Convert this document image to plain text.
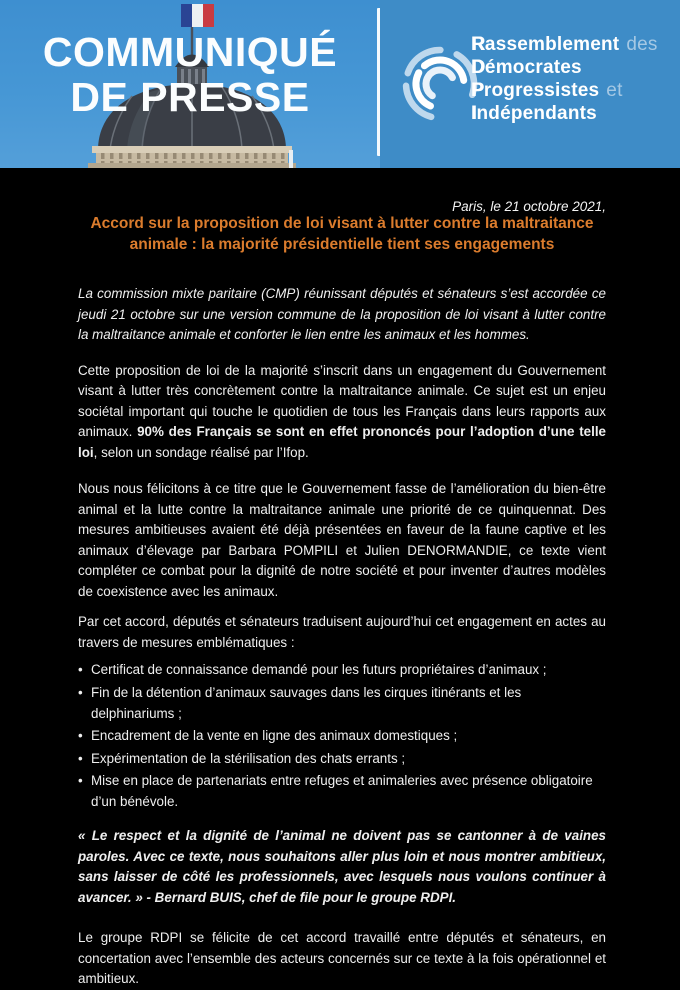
COMMUNIQUÉ
DE PRESSE
Rassemblement des
Démocrates
Progressistes et
Indépendants

Paris, le 21 octobre 2021,

Accord sur la proposition de loi visant à lutter contre la maltraitance animale : la majorité présidentielle tient ses engagements

La commission mixte paritaire (CMP) réunissant députés et sénateurs s’est accordée ce jeudi 21 octobre sur une version commune de la proposition de loi visant à lutter contre la maltraitance animale et conforter le lien entre les animaux et les hommes.

Cette proposition de loi de la majorité s’inscrit dans un engagement du Gouvernement visant à lutter très concrètement contre la maltraitance animale. Ce sujet est un enjeu sociétal important qui touche le quotidien de tous les Français dans leurs rapports aux animaux. 90% des Français se sont en effet prononcés pour l’adoption d’une telle loi, selon un sondage réalisé par l’Ifop.

Nous nous félicitons à ce titre que le Gouvernement fasse de l’amélioration du bien-être animal et la lutte contre la maltraitance animale une priorité de ce quinquennat. Des mesures ambitieuses avaient été déjà présentées en faveur de la faune captive et les animaux d’élevage par Barbara POMPILI et Julien DENORMANDIE, ce texte vient compléter ce combat pour la dignité de notre société et pour inventer d’autres modèles de coexistence avec les animaux.

Par cet accord, députés et sénateurs traduisent aujourd’hui cet engagement en actes au travers de mesures emblématiques :

• Certificat de connaissance demandé pour les futurs propriétaires d’animaux ;
• Fin de la détention d’animaux sauvages dans les cirques itinérants et les delphinariums ;
• Encadrement de la vente en ligne des animaux domestiques ;
• Expérimentation de la stérilisation des chats errants ;
• Mise en place de partenariats entre refuges et animaleries avec présence obligatoire d’un bénévole.

« Le respect et la dignité de l’animal ne doivent pas se cantonner à de vaines paroles. Avec ce texte, nous souhaitons aller plus loin et nous montrer ambitieux, sans laisser de côté les professionnels, avec lesquels nous voulons continuer à avancer. » - Bernard BUIS, chef de file pour le groupe RDPI.

Le groupe RDPI se félicite de cet accord travaillé entre députés et sénateurs, en concertation avec l’ensemble des acteurs concernés sur ce texte à la fois opérationnel et ambitieux.
